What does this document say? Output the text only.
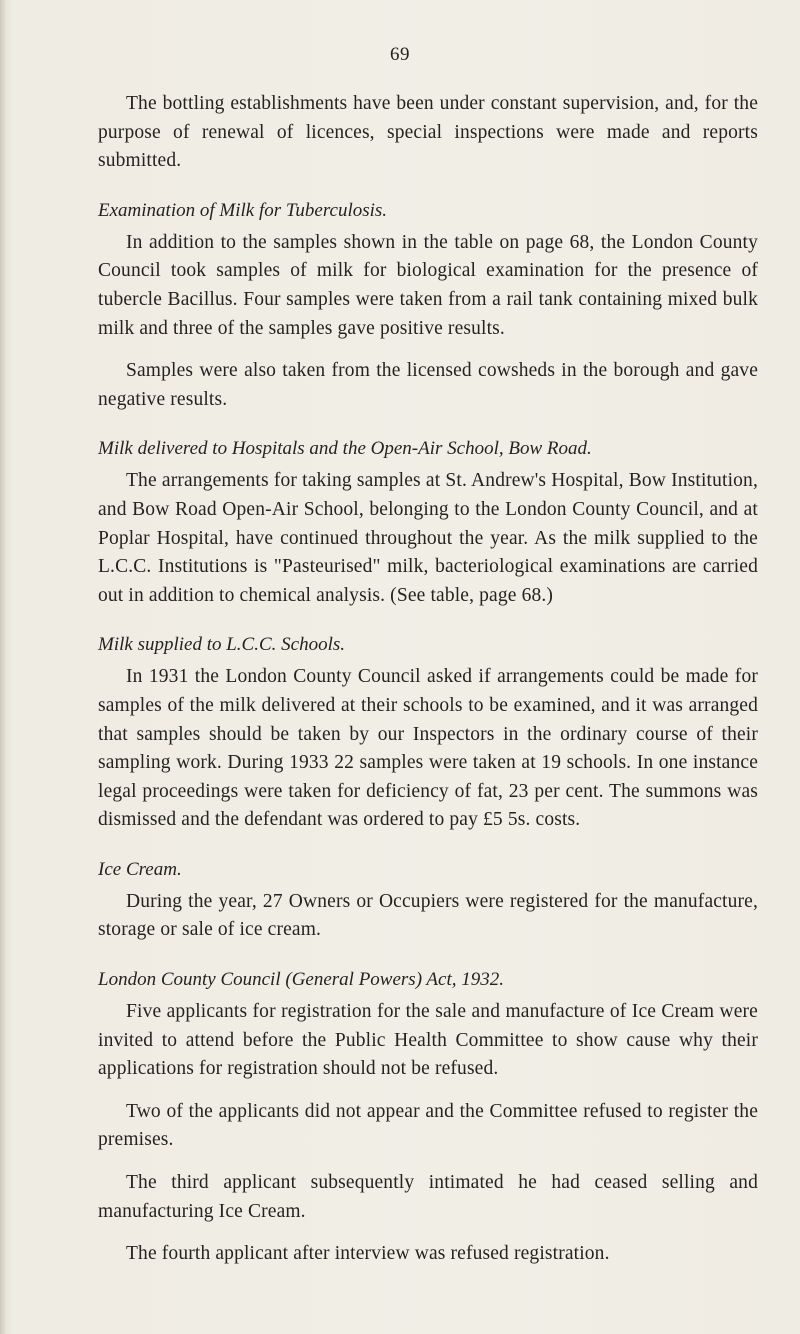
69

The bottling establishments have been under constant supervision, and, for the purpose of renewal of licences, special inspections were made and reports submitted.

Examination of Milk for Tuberculosis.

In addition to the samples shown in the table on page 68, the London County Council took samples of milk for biological examination for the presence of tubercle Bacillus. Four samples were taken from a rail tank containing mixed bulk milk and three of the samples gave positive results.

Samples were also taken from the licensed cowsheds in the borough and gave negative results.

Milk delivered to Hospitals and the Open-Air School, Bow Road.

The arrangements for taking samples at St. Andrew's Hospital, Bow Institution, and Bow Road Open-Air School, belonging to the London County Council, and at Poplar Hospital, have continued throughout the year. As the milk supplied to the L.C.C. Institutions is "Pasteurised" milk, bacteriological examinations are carried out in addition to chemical analysis. (See table, page 68.)

Milk supplied to L.C.C. Schools.

In 1931 the London County Council asked if arrangements could be made for samples of the milk delivered at their schools to be examined, and it was arranged that samples should be taken by our Inspectors in the ordinary course of their sampling work. During 1933 22 samples were taken at 19 schools. In one instance legal proceedings were taken for deficiency of fat, 23 per cent. The summons was dismissed and the defendant was ordered to pay £5 5s. costs.

Ice Cream.

During the year, 27 Owners or Occupiers were registered for the manufacture, storage or sale of ice cream.

London County Council (General Powers) Act, 1932.

Five applicants for registration for the sale and manufacture of Ice Cream were invited to attend before the Public Health Committee to show cause why their applications for registration should not be refused.

Two of the applicants did not appear and the Committee refused to register the premises.

The third applicant subsequently intimated he had ceased selling and manufacturing Ice Cream.

The fourth applicant after interview was refused registration.
